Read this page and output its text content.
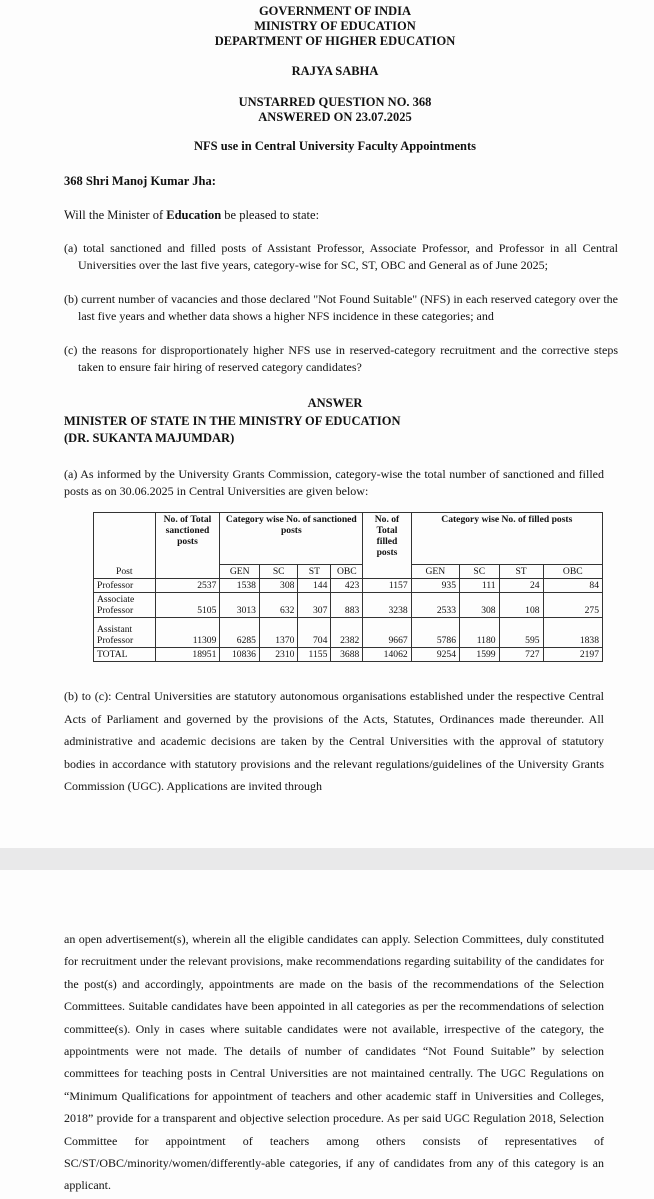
GOVERNMENT OF INDIA
MINISTRY OF EDUCATION
DEPARTMENT OF HIGHER EDUCATION
RAJYA SABHA
UNSTARRED QUESTION NO. 368
ANSWERED ON 23.07.2025
NFS use in Central University Faculty Appointments
368 Shri Manoj Kumar Jha:
Will the Minister of Education be pleased to state:
(a) total sanctioned and filled posts of Assistant Professor, Associate Professor, and Professor in all Central Universities over the last five years, category-wise for SC, ST, OBC and General as of June 2025;
(b) current number of vacancies and those declared "Not Found Suitable" (NFS) in each reserved category over the last five years and whether data shows a higher NFS incidence in these categories; and
(c) the reasons for disproportionately higher NFS use in reserved-category recruitment and the corrective steps taken to ensure fair hiring of reserved category candidates?
ANSWER
MINISTER OF STATE IN THE MINISTRY OF EDUCATION
(DR. SUKANTA MAJUMDAR)
(a) As informed by the University Grants Commission, category-wise the total number of sanctioned and filled posts as on 30.06.2025 in Central Universities are given below:
	No. of Total sanctioned posts	Category wise No. of sanctioned posts				No. of Total filled posts	Category wise No. of filled posts			
Post		GEN	SC	ST	OBC		GEN	SC	ST	OBC
Professor	2537	1538	308	144	423	1157	935	111	24	84
Associate Professor	5105	3013	632	307	883	3238	2533	308	108	275
Assistant Professor	11309	6285	1370	704	2382	9667	5786	1180	595	1838
TOTAL	18951	10836	2310	1155	3688	14062	9254	1599	727	2197
(b) to (c): Central Universities are statutory autonomous organisations established under the respective Central Acts of Parliament and governed by the provisions of the Acts, Statutes, Ordinances made thereunder. All administrative and academic decisions are taken by the Central Universities with the approval of statutory bodies in accordance with statutory provisions and the relevant regulations/guidelines of the University Grants Commission (UGC). Applications are invited through
an open advertisement(s), wherein all the eligible candidates can apply. Selection Committees, duly constituted for recruitment under the relevant provisions, make recommendations regarding suitability of the candidates for the post(s) and accordingly, appointments are made on the basis of the recommendations of the Selection Committees. Suitable candidates have been appointed in all categories as per the recommendations of selection committee(s). Only in cases where suitable candidates were not available, irrespective of the category, the appointments were not made. The details of number of candidates “Not Found Suitable” by selection committees for teaching posts in Central Universities are not maintained centrally. The UGC Regulations on “Minimum Qualifications for appointment of teachers and other academic staff in Universities and Colleges, 2018” provide for a transparent and objective selection procedure. As per said UGC Regulation 2018, Selection Committee for appointment of teachers among others consists of representatives of SC/ST/OBC/minority/women/differently-able categories, if any of candidates from any of this category is an applicant.
